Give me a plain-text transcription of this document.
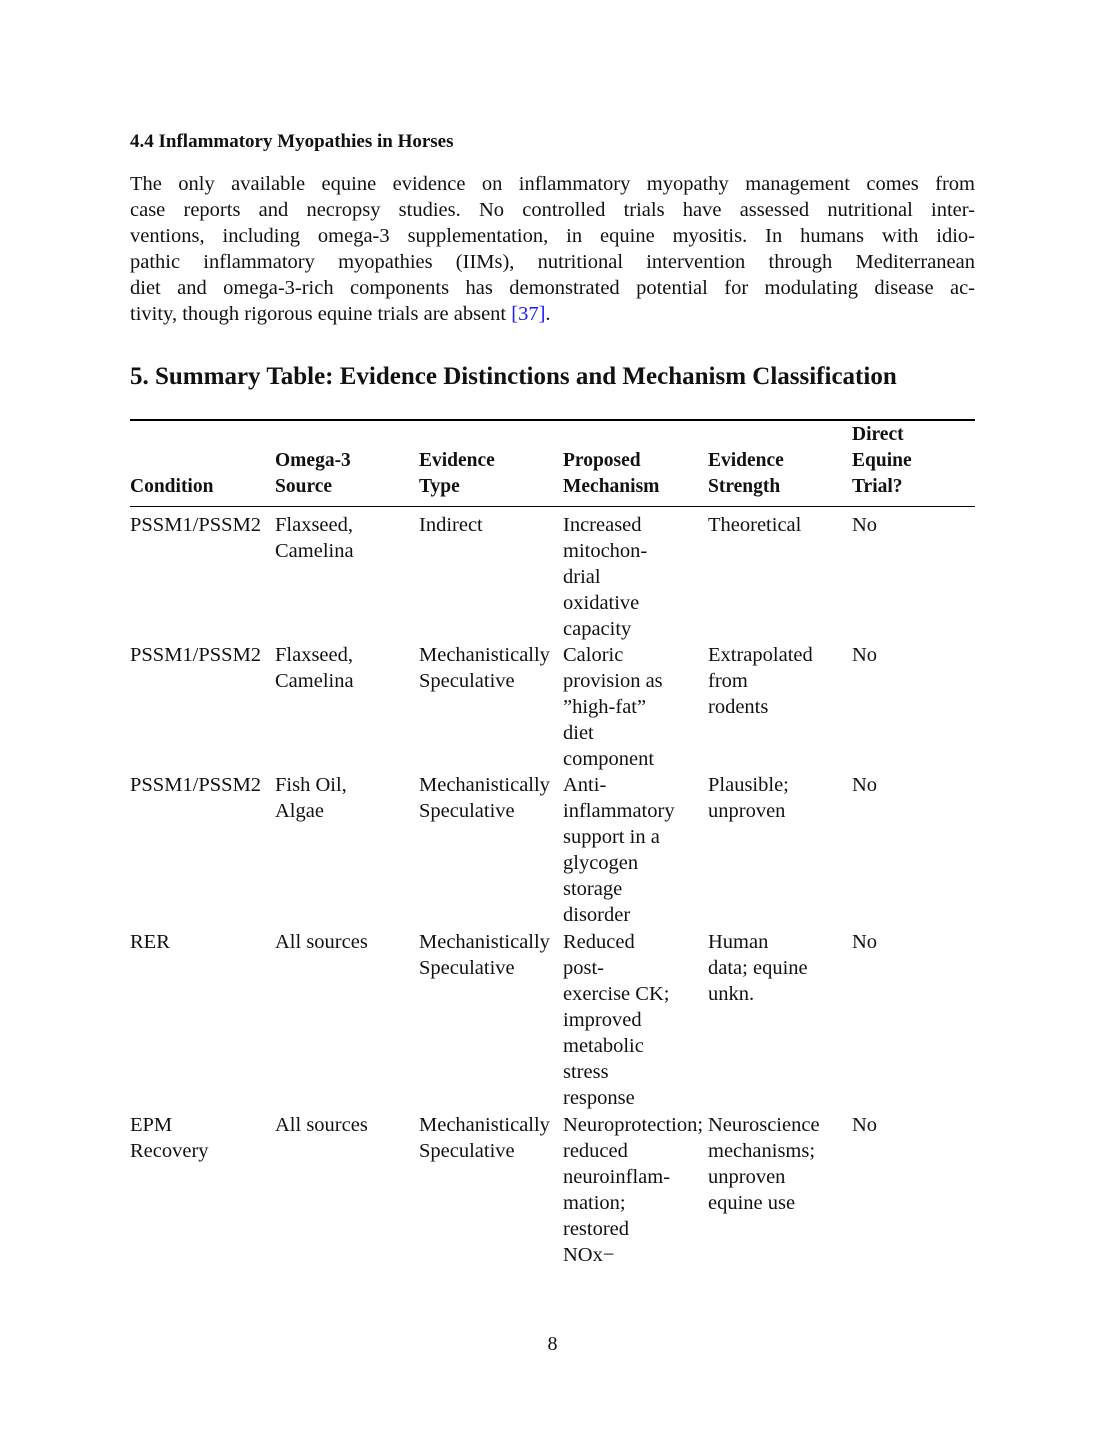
4.4 Inflammatory Myopathies in Horses
The only available equine evidence on inflammatory myopathy management comes from
case reports and necropsy studies. No controlled trials have assessed nutritional inter-
ventions, including omega-3 supplementation, in equine myositis. In humans with idio-
pathic inflammatory myopathies (IIMs), nutritional intervention through Mediterranean
diet and omega-3-rich components has demonstrated potential for modulating disease ac-
tivity, though rigorous equine trials are absent [37].
5. Summary Table: Evidence Distinctions and Mechanism Classification
Condition
Omega-3
Source
Evidence
Type
Proposed
Mechanism
Evidence
Strength
Direct
Equine
Trial?
PSSM1/PSSM2 Flaxseed,
Camelina
Indirect	Increased
mitochon-
drial
oxidative
capacity
Theoretical No
PSSM1/PSSM2 Flaxseed,
Camelina
Mechanistically
Speculative
Caloric
provision as
”high-fat”
diet
component
Extrapolated
from
rodents
No
PSSM1/PSSM2 Fish Oil,
Algae
Mechanistically
Speculative
Anti-
inflammatory
support in a
glycogen
storage
disorder
Plausible;
unproven
No
RER	All sources Mechanistically
Speculative
Reduced
post-
exercise CK;
improved
metabolic
stress
response
Human
data; equine
unkn.
No
EPM
Recovery
All sources Mechanistically
Speculative
Neuroprotection;
reduced
neuroinflam-
mation;
restored
NOx−
Neuroscience
mechanisms;
unproven
equine use
No
8
